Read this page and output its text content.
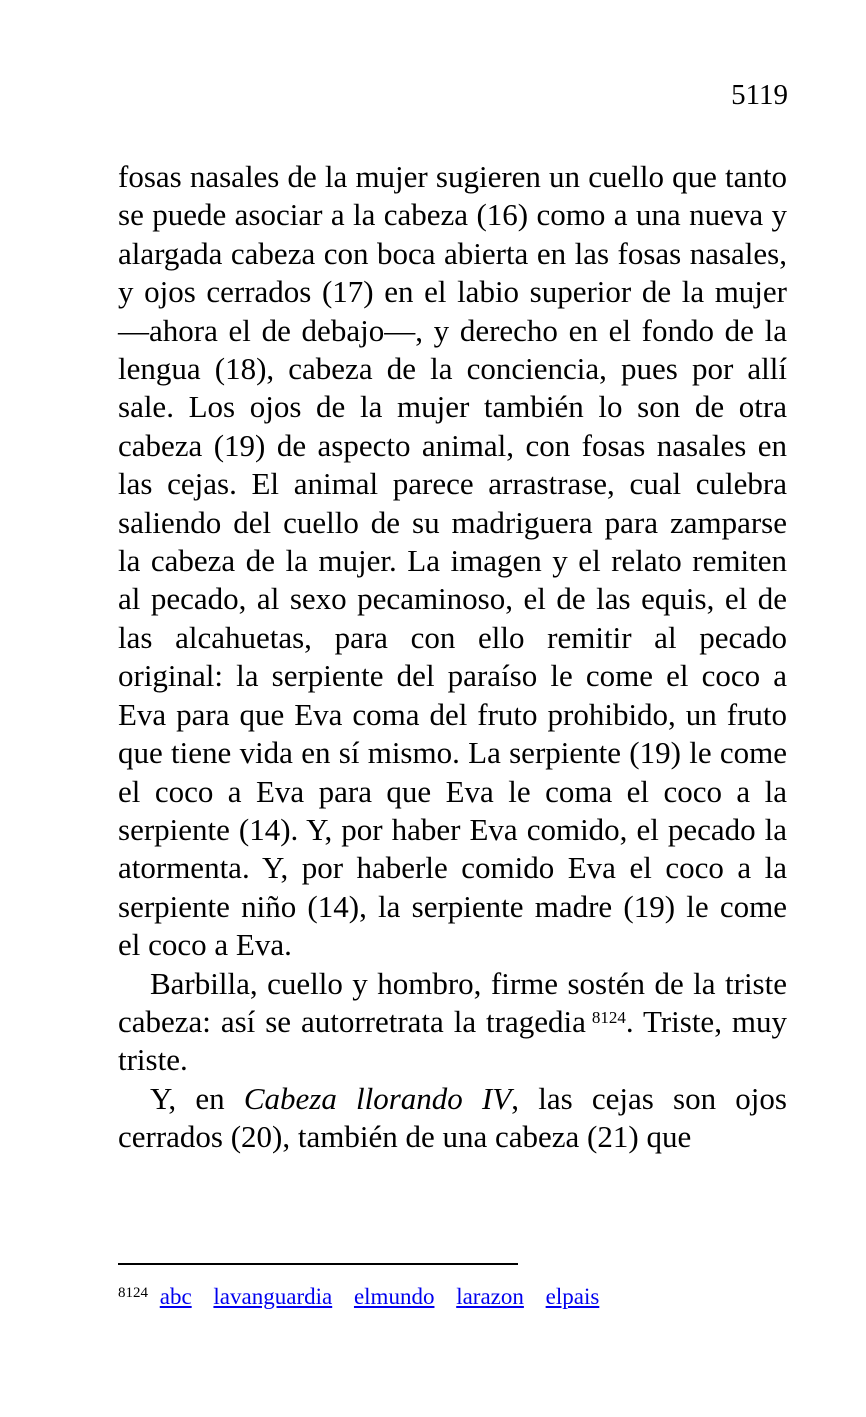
5119

fosas nasales de la mujer sugieren un cuello que tanto se puede asociar a la cabeza (16) como a una nueva y alargada cabeza con boca abierta en las fosas nasales, y ojos cerrados (17) en el labio superior de la mujer —ahora el de debajo—, y derecho en el fondo de la lengua (18), cabeza de la conciencia, pues por allí sale. Los ojos de la mujer también lo son de otra cabeza (19) de aspecto animal, con fosas nasales en las cejas. El animal parece arrastrase, cual culebra saliendo del cuello de su madriguera para zamparse la cabeza de la mujer. La imagen y el relato remiten al pecado, al sexo pecaminoso, el de las equis, el de las alcahuetas, para con ello remitir al pecado original: la serpiente del paraíso le come el coco a Eva para que Eva coma del fruto prohibido, un fruto que tiene vida en sí mismo. La serpiente (19) le come el coco a Eva para que Eva le coma el coco a la serpiente (14). Y, por haber Eva comido, el pecado la atormenta. Y, por haberle comido Eva el coco a la serpiente niño (14), la serpiente madre (19) le come el coco a Eva.

Barbilla, cuello y hombro, firme sostén de la triste cabeza: así se autorretrata la tragedia $^{8124}$. Triste, muy triste.

Y, en Cabeza llorando IV, las cejas son ojos cerrados (20), también de una cabeza (21) que

$^{8124}$ abc lavanguardia elmundo larazon elpais
